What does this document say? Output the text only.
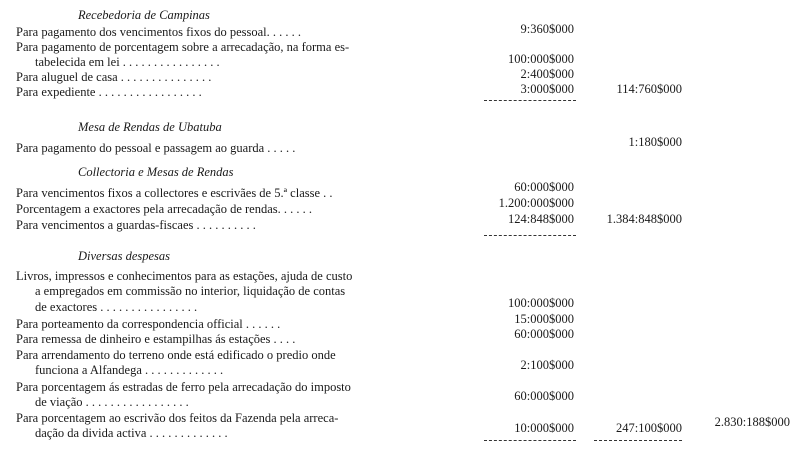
Recebedoria de Campinas
Para pagamento dos vencimentos fixos do pessoal. . . . . .	9:360$000
Para pagamento de porcentagem sobre a arrecadação, na forma es-
tabelecida em lei . . . . . . . . . . . . . . . .	100:000$000
Para aluguel de casa . . . . . . . . . . . . . . .	2:400$000
Para expediente . . . . . . . . . . . . . . . . .	3:000$000	114:760$000
Mesa de Rendas de Ubatuba
Para pagamento do pessoal e passagem ao guarda . . . . .	1:180$000
Collectoria e Mesas de Rendas
Para vencimentos fixos a collectores e escrivães de 5.ª classe . .	60:000$000
Porcentagem a exactores pela arrecadação de rendas. . . . . .	1.200:000$000
Para vencimentos a guardas-fiscaes . . . . . . . . . .	124:848$000	1.384:848$000
Diversas despesas
Livros, impressos e conhecimentos para as estações, ajuda de custo
a empregados em commissão no interior, liquidação de contas
de exactores . . . . . . . . . . . . . . . .	100:000$000
Para porteamento da correspondencia official . . . . . .	15:000$000
Para remessa de dinheiro e estampilhas ás estações . . . .	60:000$000
Para arrendamento do terreno onde está edificado o predio onde
funciona a Alfandega . . . . . . . . . . . . .	2:100$000
Para porcentagem ás estradas de ferro pela arrecadação do imposto
de viação . . . . . . . . . . . . . . . . .	60:000$000
Para porcentagem ao escrivão dos feitos da Fazenda pela arreca-
dação da divida activa . . . . . . . . . . . . .	10:000$000	247:100$000	2.830:188$000
